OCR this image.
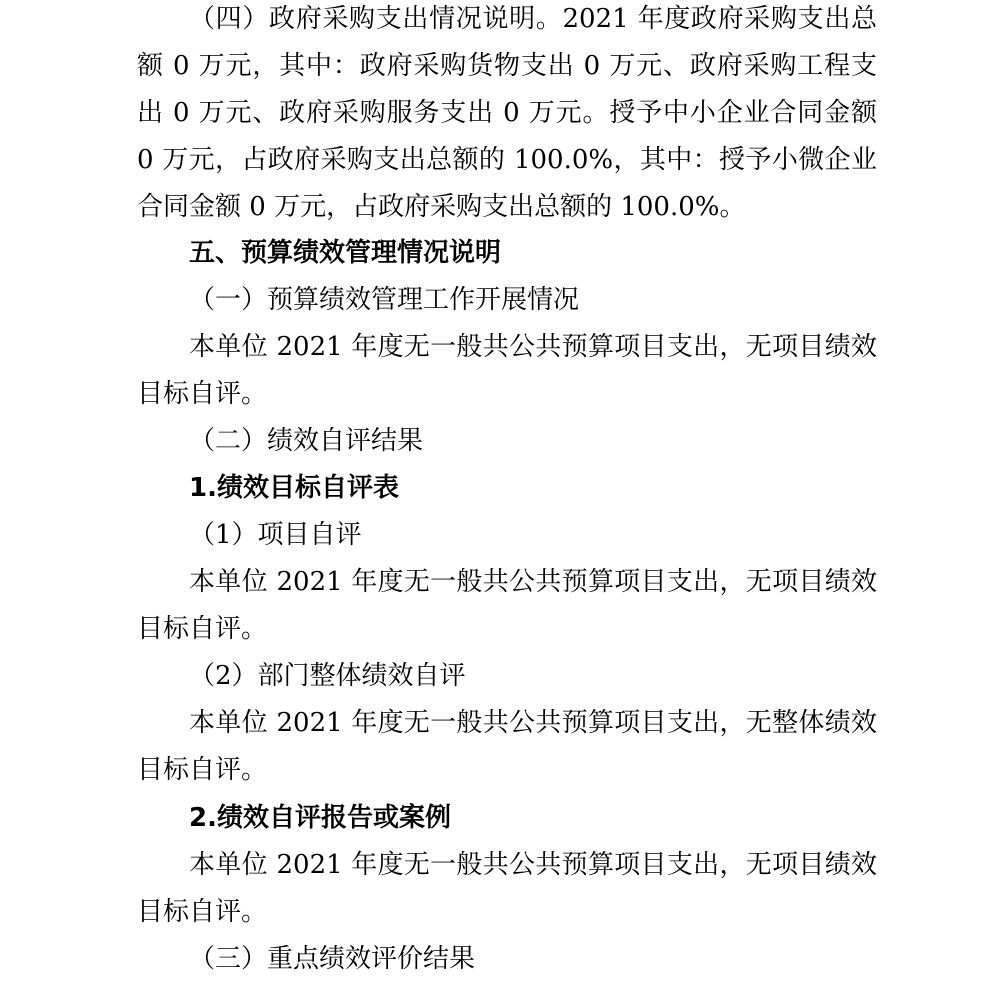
（四）政府采购支出情况说明。2021 年度政府采购支出总额 0 万元，其中：政府采购货物支出 0 万元、政府采购工程支出 0 万元、政府采购服务支出 0 万元。授予中小企业合同金额 0 万元，占政府采购支出总额的 100.0%，其中：授予小微企业合同金额 0 万元，占政府采购支出总额的 100.0%。

五、预算绩效管理情况说明
（一）预算绩效管理工作开展情况

本单位 2021 年度无一般共公共预算项目支出，无项目绩效目标自评。

（二）绩效自评结果
1.绩效目标自评表
（1）项目自评

本单位 2021 年度无一般共公共预算项目支出，无项目绩效目标自评。

（2）部门整体绩效自评

本单位 2021 年度无一般共公共预算项目支出，无整体绩效目标自评。

2.绩效自评报告或案例

本单位 2021 年度无一般共公共预算项目支出，无项目绩效目标自评。

（三）重点绩效评价结果
